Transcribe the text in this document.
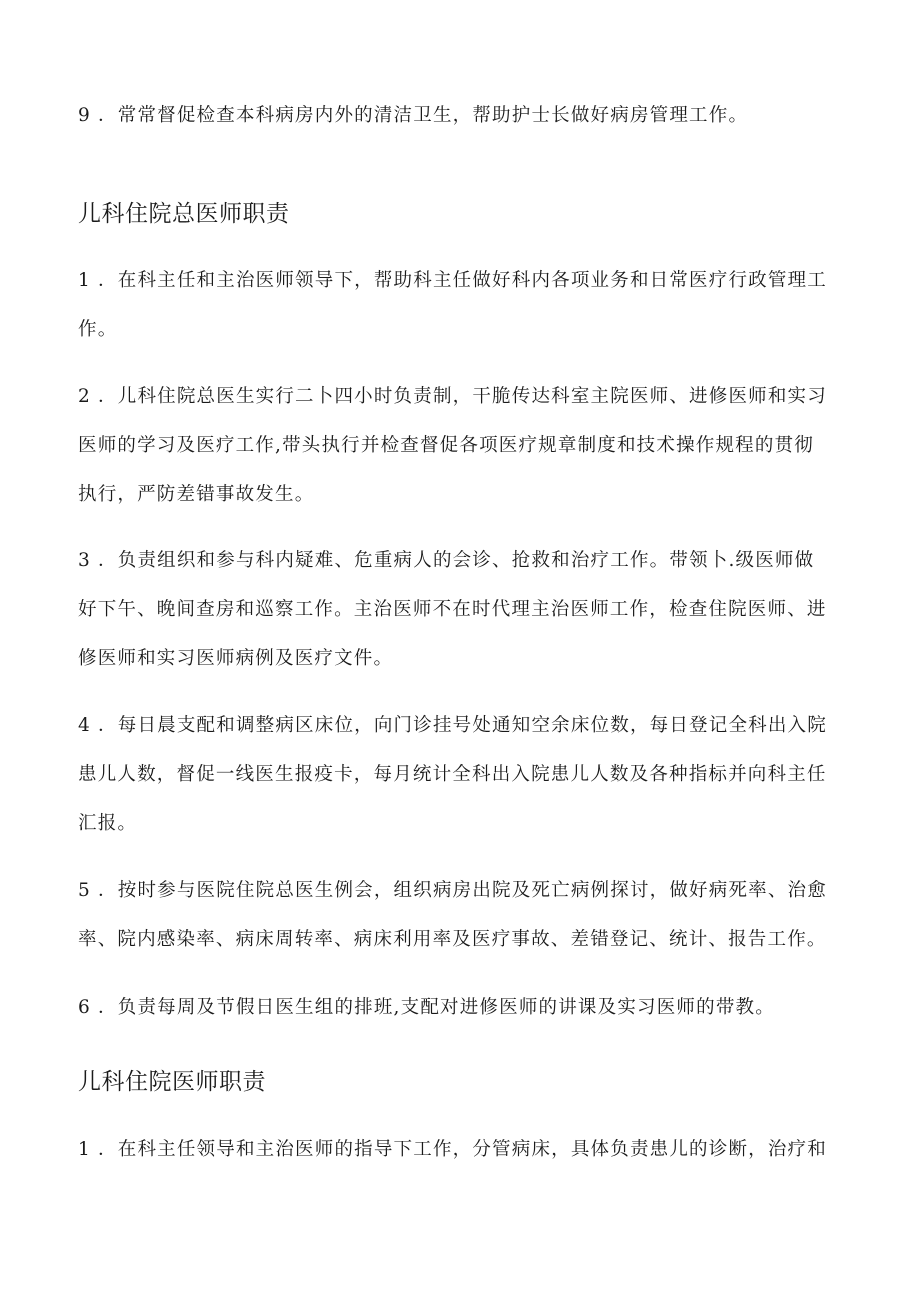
9 ．常常督促检查本科病房内外的清洁卫生，帮助护士长做好病房管理工作。
儿科住院总医师职责
1 ．在科主任和主治医师领导下，帮助科主任做好科内各项业务和日常医疗行政管理工
作。
2 ．儿科住院总医生实行二卜四小时负责制，干脆传达科室主院医师、进修医师和实习
医师的学习及医疗工作,带头执行并检查督促各项医疗规章制度和技术操作规程的贯彻
执行，严防差错事故发生。
3 ．负责组织和参与科内疑难、危重病人的会诊、抢救和治疗工作。带领卜.级医师做
好下午、晚间查房和巡察工作。主治医师不在时代理主治医师工作，检查住院医师、进
修医师和实习医师病例及医疗文件。
4 ．每日晨支配和调整病区床位，向门诊挂号处通知空余床位数，每日登记全科出入院
患儿人数，督促一线医生报疫卡，每月统计全科出入院患儿人数及各种指标并向科主任
汇报。
5 ．按时参与医院住院总医生例会，组织病房出院及死亡病例探讨，做好病死率、治愈
率、院内感染率、病床周转率、病床利用率及医疗事故、差错登记、统计、报告工作。
6 ．负责每周及节假日医生组的排班,支配对进修医师的讲课及实习医师的带教。
儿科住院医师职责
1 ．在科主任领导和主治医师的指导下工作，分管病床，具体负责患儿的诊断，治疗和
